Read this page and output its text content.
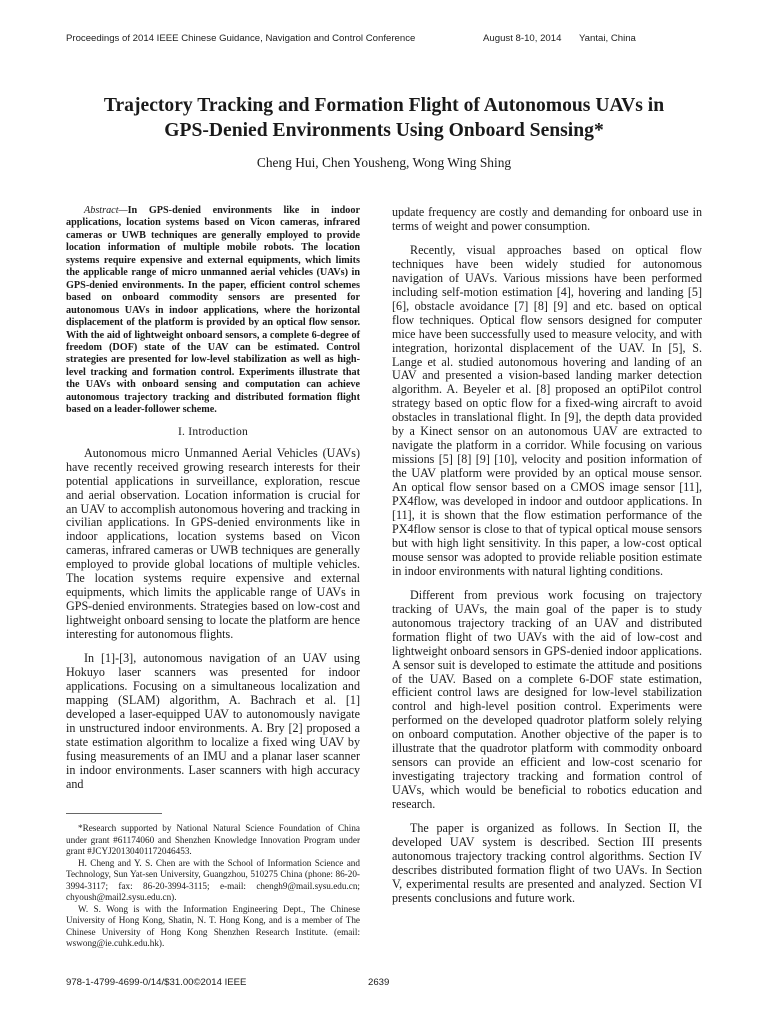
Proceedings of 2014 IEEE Chinese Guidance, Navigation and Control Conference	August 8-10, 2014 Yantai, China
Trajectory Tracking and Formation Flight of Autonomous UAVs in
GPS-Denied Environments Using Onboard Sensing*
Cheng Hui, Chen Yousheng, Wong Wing Shing

Abstract—In GPS-denied environments like in indoor applications, location systems based on Vicon cameras, infrared cameras or UWB techniques are generally employed to provide location information of multiple mobile robots. The location systems require expensive and external equipments, which limits the applicable range of micro unmanned aerial vehicles (UAVs) in GPS-denied environments. In the paper, efficient control schemes based on onboard commodity sensors are presented for autonomous UAVs in indoor applications, where the horizontal displacement of the platform is provided by an optical flow sensor. With the aid of lightweight onboard sensors, a complete 6-degree of freedom (DOF) state of the UAV can be estimated. Control strategies are presented for low-level stabilization as well as high-level tracking and formation control. Experiments illustrate that the UAVs with onboard sensing and computation can achieve autonomous trajectory tracking and distributed formation flight based on a leader-follower scheme.

I. Introduction

Autonomous micro Unmanned Aerial Vehicles (UAVs) have recently received growing research interests for their potential applications in surveillance, exploration, rescue and aerial observation. Location information is crucial for an UAV to accomplish autonomous hovering and tracking in civilian applications. In GPS-denied environments like in indoor applications, location systems based on Vicon cameras, infrared cameras or UWB techniques are generally employed to provide global locations of multiple vehicles. The location systems require expensive and external equipments, which limits the applicable range of UAVs in GPS-denied environments. Strategies based on low-cost and lightweight onboard sensing to locate the platform are hence interesting for autonomous flights.

In [1]-[3], autonomous navigation of an UAV using Hokuyo laser scanners was presented for indoor applications. Focusing on a simultaneous localization and mapping (SLAM) algorithm, A. Bachrach et al. [1] developed a laser-equipped UAV to autonomously navigate in unstructured indoor environments. A. Bry [2] proposed a state estimation algorithm to localize a fixed wing UAV by fusing measurements of an IMU and a planar laser scanner in indoor environments. Laser scanners with high accuracy and

update frequency are costly and demanding for onboard use in terms of weight and power consumption.

Recently, visual approaches based on optical flow techniques have been widely studied for autonomous navigation of UAVs. Various missions have been performed including self-motion estimation [4], hovering and landing [5] [6], obstacle avoidance [7] [8] [9] and etc. based on optical flow techniques. Optical flow sensors designed for computer mice have been successfully used to measure velocity, and with integration, horizontal displacement of the UAV. In [5], S. Lange et al. studied autonomous hovering and landing of an UAV and presented a vision-based landing marker detection algorithm. A. Beyeler et al. [8] proposed an optiPilot control strategy based on optic flow for a fixed-wing aircraft to avoid obstacles in translational flight. In [9], the depth data provided by a Kinect sensor on an autonomous UAV are extracted to navigate the platform in a corridor. While focusing on various missions [5] [8] [9] [10], velocity and position information of the UAV platform were provided by an optical mouse sensor. An optical flow sensor based on a CMOS image sensor [11], PX4flow, was developed in indoor and outdoor applications. In [11], it is shown that the flow estimation performance of the PX4flow sensor is close to that of typical optical mouse sensors but with high light sensitivity. In this paper, a low-cost optical mouse sensor was adopted to provide reliable position estimate in indoor environments with natural lighting conditions.

Different from previous work focusing on trajectory tracking of UAVs, the main goal of the paper is to study autonomous trajectory tracking of an UAV and distributed formation flight of two UAVs with the aid of low-cost and lightweight onboard sensors in GPS-denied indoor applications. A sensor suit is developed to estimate the attitude and positions of the UAV. Based on a complete 6-DOF state estimation, efficient control laws are designed for low-level stabilization control and high-level position control. Experiments were performed on the developed quadrotor platform solely relying on onboard computation. Another objective of the paper is to illustrate that the quadrotor platform with commodity onboard sensors can provide an efficient and low-cost scenario for investigating trajectory tracking and formation control of UAVs, which would be beneficial to robotics education and research.

The paper is organized as follows. In Section II, the developed UAV system is described. Section III presents autonomous trajectory tracking control algorithms. Section IV describes distributed formation flight of two UAVs. In Section V, experimental results are presented and analyzed. Section VI presents conclusions and future work.

*Research supported by National Natural Science Foundation of China under grant #61174060 and Shenzhen Knowledge Innovation Program under grant #JCYJ20130401172046453.

H. Cheng and Y. S. Chen are with the School of Information Science and Technology, Sun Yat-sen University, Guangzhou, 510275 China (phone: 86-20-3994-3117; fax: 86-20-3994-3115; e-mail: chengh9@mail.sysu.edu.cn; chyoush@mail2.sysu.edu.cn).

W. S. Wong is with the Information Engineering Dept., The Chinese University of Hong Kong, Shatin, N. T. Hong Kong, and is a member of The Chinese University of Hong Kong Shenzhen Research Institute. (email: wswong@ie.cuhk.edu.hk).

978-1-4799-4699-0/14/$31.00©2014 IEEE	2639
